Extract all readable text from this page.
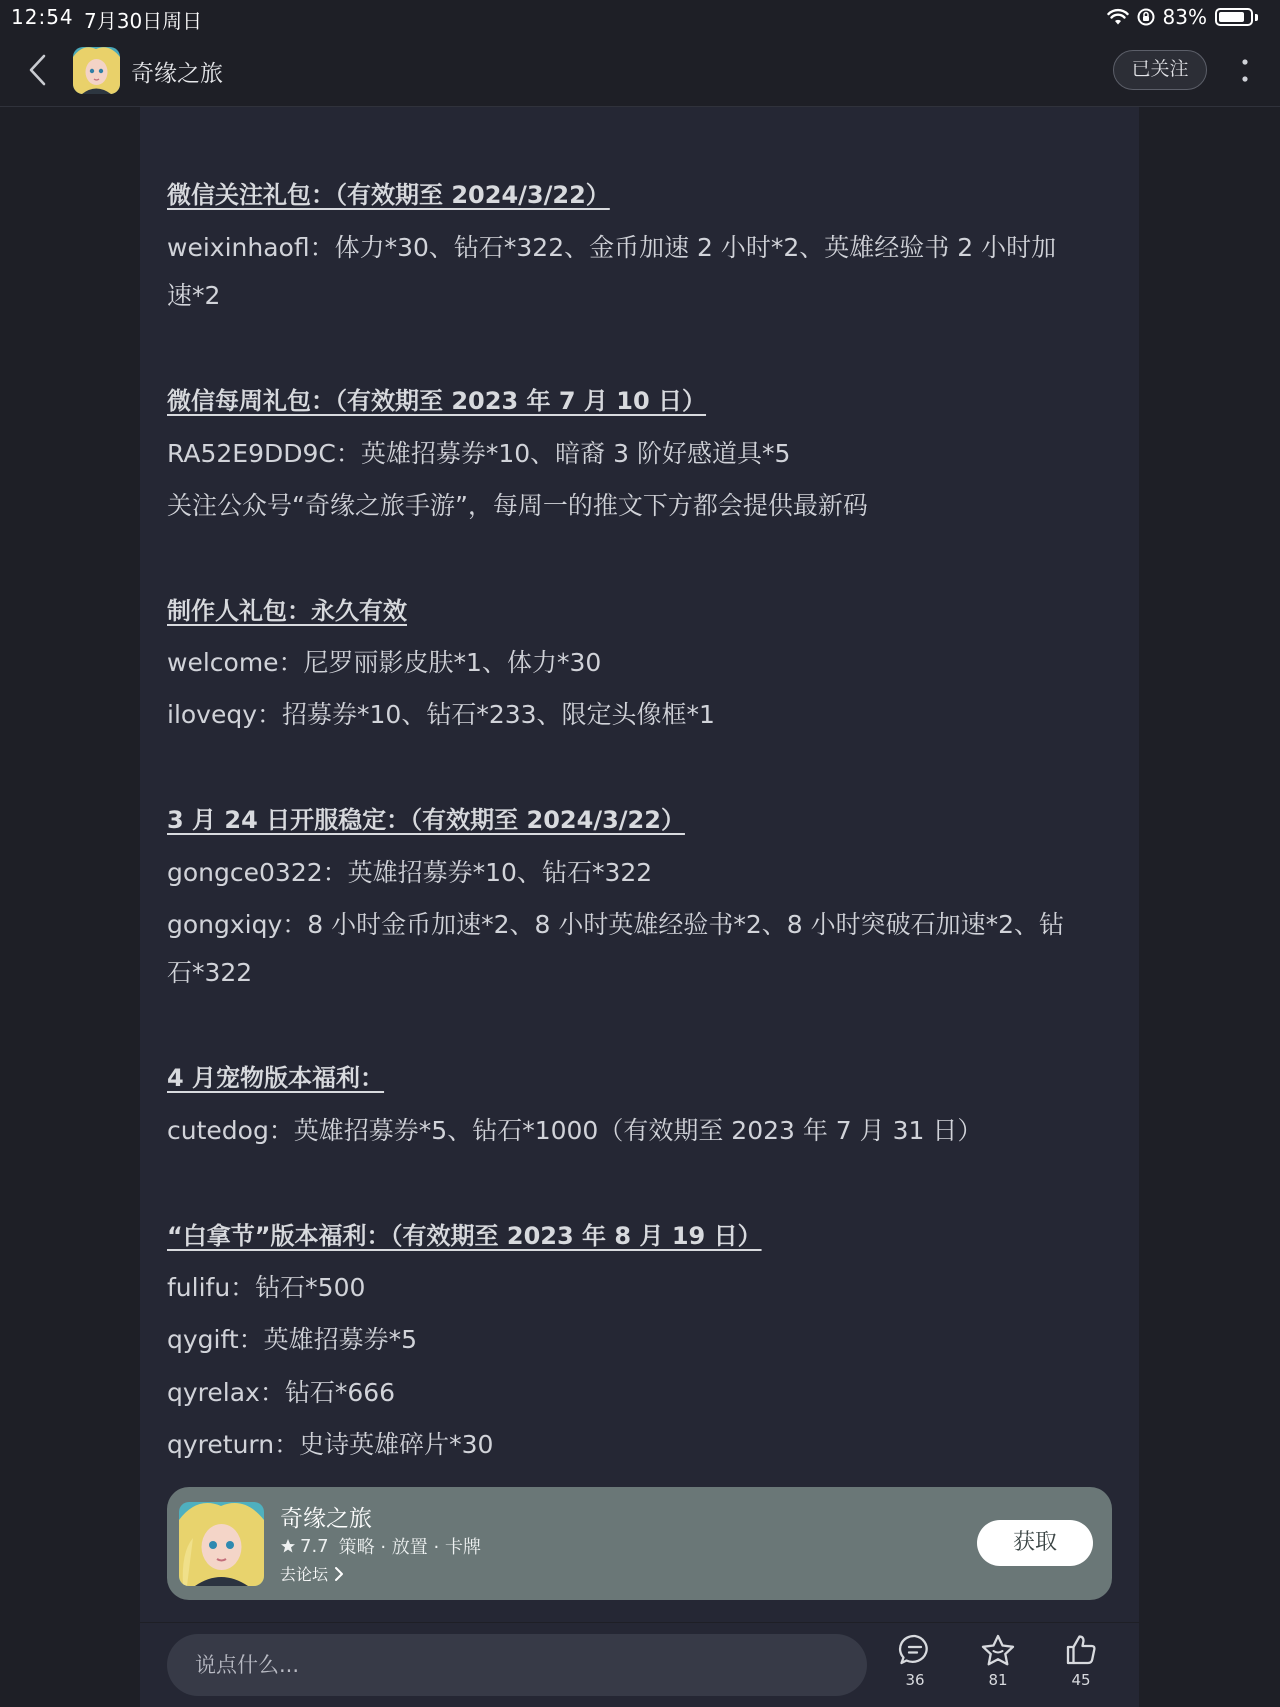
12:54 7月30日周日	83%
奇缘之旅	已关注
微信关注礼包：（有效期至 2024/3/22）
weixinhaofl：体力*30、钻石*322、金币加速 2 小时*2、英雄经验书 2 小时加
速*2
微信每周礼包：（有效期至 2023 年 7 月 10 日）
RA52E9DD9C：英雄招募券*10、暗裔 3 阶好感道具*5
关注公众号“奇缘之旅手游”，每周一的推文下方都会提供最新码
制作人礼包：永久有效
welcome：尼罗丽影皮肤*1、体力*30
iloveqy：招募券*10、钻石*233、限定头像框*1
3 月 24 日开服稳定：（有效期至 2024/3/22）
gongce0322：英雄招募券*10、钻石*322
gongxiqy：8 小时金币加速*2、8 小时英雄经验书*2、8 小时突破石加速*2、钻
石*322
4 月宠物版本福利：
cutedog：英雄招募券*5、钻石*1000（有效期至 2023 年 7 月 31 日）
“白拿节”版本福利：（有效期至 2023 年 8 月 19 日）
fulifu：钻石*500
qygift：英雄招募券*5
qyrelax：钻石*666
qyreturn：史诗英雄碎片*30
奇缘之旅
7.7 策略 · 放置 · 卡牌
去论坛
获取
说点什么...
36	81	45
